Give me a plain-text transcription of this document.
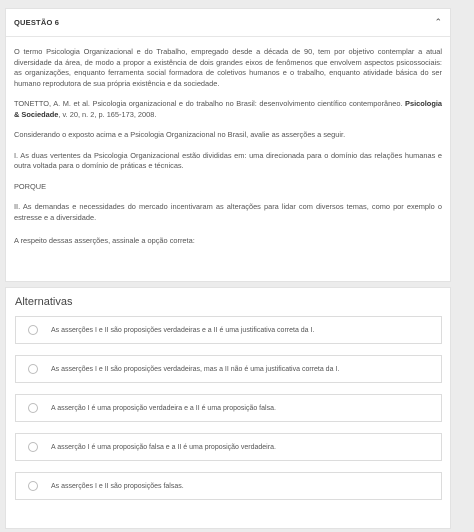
QUESTÃO 6	⌃

O termo Psicologia Organizacional e do Trabalho, empregado desde a década de 90, tem por objetivo contemplar a atual diversidade da área, de modo a propor a existência de dois grandes eixos de fenômenos que envolvem aspectos psicossociais: as organizações, enquanto ferramenta social formadora de coletivos humanos e o trabalho, enquanto atividade básica do ser humano reprodutora de sua própria existência e da sociedade.

TONETTO, A. M. et al. Psicologia organizacional e do trabalho no Brasil: desenvolvimento científico contemporâneo. Psicologia & Sociedade, v. 20, n. 2, p. 165-173, 2008.

Considerando o exposto acima e a Psicologia Organizacional no Brasil, avalie as asserções a seguir.

I. As duas vertentes da Psicologia Organizacional estão divididas em: uma direcionada para o domínio das relações humanas e outra voltada para o domínio de práticas e técnicas.

PORQUE

II. As demandas e necessidades do mercado incentivaram as alterações para lidar com diversos temas, como por exemplo o estresse e a diversidade.

A respeito dessas asserções, assinale a opção correta:

Alternativas
As asserções I e II são proposições verdadeiras e a II é uma justificativa correta da I.
As asserções I e II são proposições verdadeiras, mas a II não é uma justificativa correta da I.
A asserção I é uma proposição verdadeira e a II é uma proposição falsa.
A asserção I é uma proposição falsa e a II é uma proposição verdadeira.
As asserções I e II são proposições falsas.
